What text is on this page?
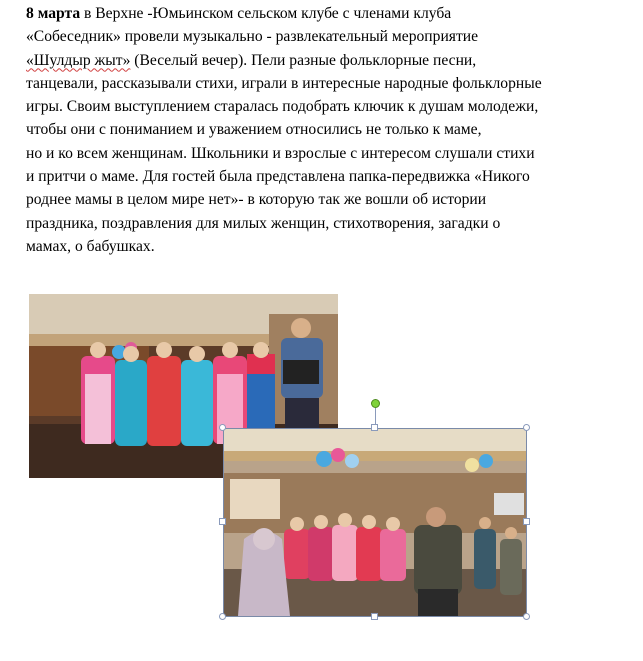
8 марта в Верхне -Юмьинском сельском клубе с членами клуба
«Собеседник» провели музыкально - развлекательный мероприятие
«Шулдыр жыт» (Веселый вечер). Пели разные фольклорные песни,
танцевали, рассказывали стихи, играли в интересные народные фольклорные
игры. Своим выступлением старалась подобрать ключик к душам молодежи,
чтобы они с пониманием и уважением относились не только к маме,
но и ко всем женщинам. Школьники и взрослые с интересом слушали стихи
и притчи о маме. Для гостей была представлена папка-передвижка «Никого
роднее мамы в целом мире нет»- в которую так же вошли об истории
праздника, поздравления для милых женщин, стихотворения, загадки о
мамах, о бабушках.
